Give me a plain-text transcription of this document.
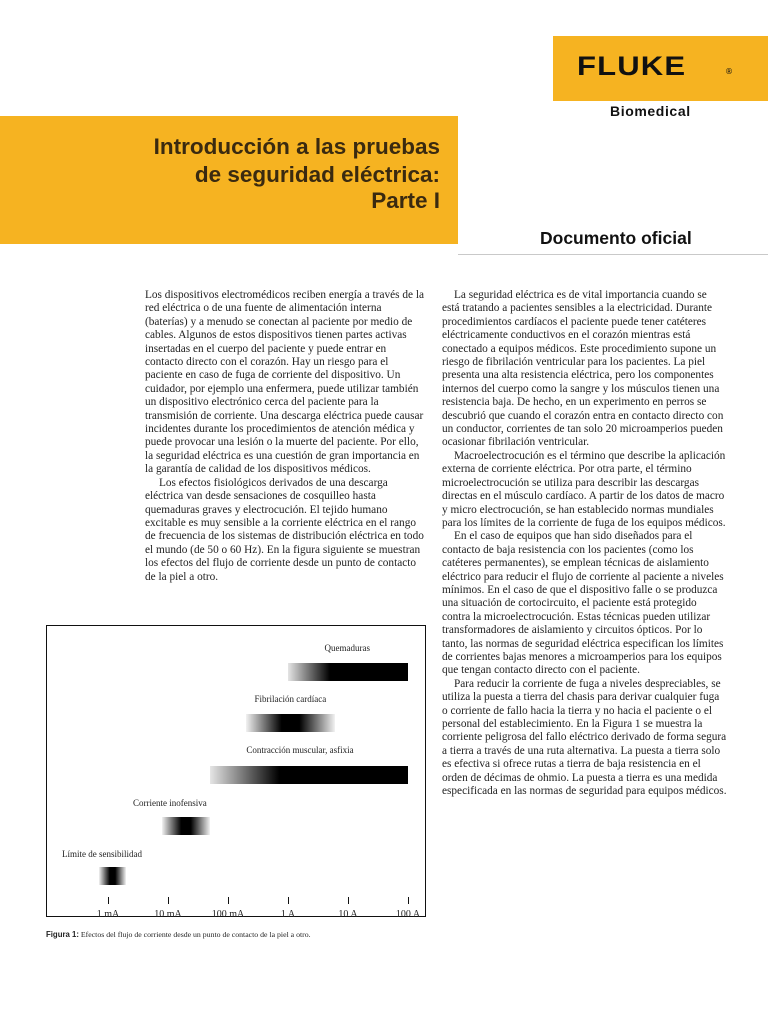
FLUKE	®
Biomedical
Introducción a las pruebas
de seguridad eléctrica:
Parte I
Documento oficial

Los dispositivos electromédicos reciben energía a través de la red eléctrica o de una fuente de alimentación interna (baterías) y a menudo se conectan al paciente por medio de cables. Algunos de estos dispositivos tienen partes activas insertadas en el cuerpo del paciente y puede entrar en contacto directo con el corazón. Hay un riesgo para el paciente en caso de fuga de corriente del dispositivo. Un cuidador, por ejemplo una enfermera, puede utilizar también un dispositivo electrónico cerca del paciente para la transmisión de corriente. Una descarga eléctrica puede causar incidentes durante los procedimientos de atención médica y puede provocar una lesión o la muerte del paciente. Por ello, la seguridad eléctrica es una cuestión de gran importancia en la garantía de calidad de los dispositivos médicos.

Los efectos fisiológicos derivados de una descarga eléctrica van desde sensaciones de cosquilleo hasta quemaduras graves y electrocución. El tejido humano excitable es muy sensible a la corriente eléctrica en el rango de frecuencia de los sistemas de distribución eléctrica en todo el mundo (de 50 o 60 Hz). En la figura siguiente se muestran los efectos del flujo de corriente desde un punto de contacto de la piel a otro.

La seguridad eléctrica es de vital importancia cuando se está tratando a pacientes sensibles a la electricidad. Durante procedimientos cardíacos el paciente puede tener catéteres eléctricamente conductivos en el corazón mientras está conectado a equipos médicos. Este procedimiento supone un riesgo de fibrilación ventricular para los pacientes. La piel presenta una alta resistencia eléctrica, pero los componentes internos del cuerpo como la sangre y los músculos tienen una resistencia baja. De hecho, en un experimento en perros se descubrió que cuando el corazón entra en contacto directo con un conductor, corrientes de tan solo 20 microamperios pueden ocasionar fibrilación ventricular.

Macroelectrocución es el término que describe la aplicación externa de corriente eléctrica. Por otra parte, el término microelectrocución se utiliza para describir las descargas directas en el músculo cardíaco. A partir de los datos de macro y micro electrocución, se han establecido normas mundiales para los límites de la corriente de fuga de los equipos médicos.

En el caso de equipos que han sido diseñados para el contacto de baja resistencia con los pacientes (como los catéteres permanentes), se emplean técnicas de aislamiento eléctrico para reducir el flujo de corriente al paciente a niveles mínimos. En el caso de que el dispositivo falle o se produzca una situación de cortocircuito, el paciente está protegido contra la microelectrocución. Estas técnicas pueden utilizar transformadores de aislamiento y circuitos ópticos. Por lo tanto, las normas de seguridad eléctrica especifican los límites de corrientes bajas menores a microamperios para los equipos que tengan contacto directo con el paciente.

Para reducir la corriente de fuga a niveles despreciables, se utiliza la puesta a tierra del chasis para derivar cualquier fuga o corriente de fallo hacia la tierra y no hacia el paciente o el personal del establecimiento. En la Figura 1 se muestra la corriente peligrosa del fallo eléctrico derivado de forma segura a tierra a través de una ruta alternativa. La puesta a tierra solo es efectiva si ofrece rutas a tierra de baja resistencia en el orden de décimas de ohmio. La puesta a tierra es una medida especificada en las normas de seguridad para equipos médicos.

1 mA	10 mA	100 mA	1 A	10 A	100 A
Límite de sensibilidad
Corriente inofensiva
Contracción muscular, asfixia
Fibrilación cardíaca
Quemaduras
Figura 1: Efectos del flujo de corriente desde un punto de contacto de la piel a otro.
